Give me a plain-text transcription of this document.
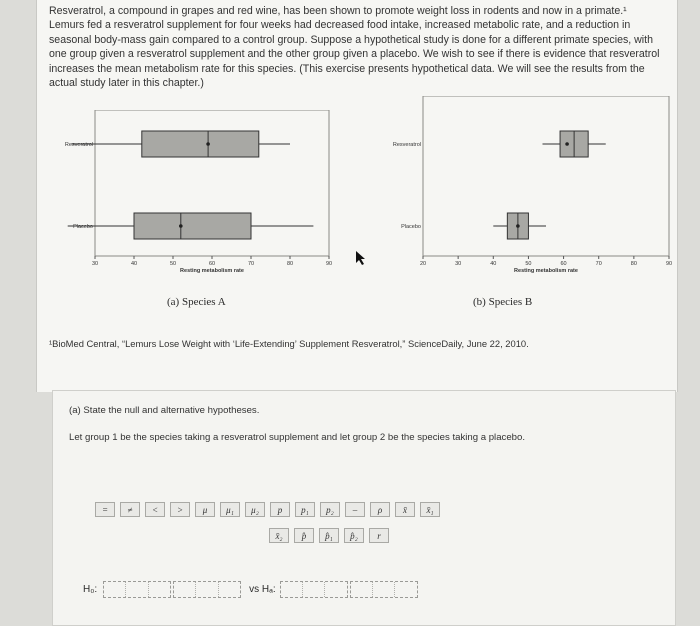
Resveratrol, a compound in grapes and red wine, has been shown to promote weight loss in rodents and now in a primate.¹ Lemurs fed a resveratrol supplement for four weeks had decreased food intake, increased metabolic rate, and a reduction in seasonal body-mass gain compared to a control group. Suppose a hypothetical study is done for a different primate species, with one group given a resveratrol supplement and the other group given a placebo. We wish to see if there is evidence that resveratrol increases the mean metabolism rate for this species. (This exercise presents hypothetical data. We will see the results from the actual study later in this chapter.)
Resveratrol
Placebo
30	40	50	60	70	80	90
Resting metabolism rate
Resveratrol
Placebo
20	30	40	50	60	70	80	90
Resting metabolism rate
(a) Species A	(b) Species B
¹BioMed Central, “Lemurs Lose Weight with ‘Life-Extending’ Supplement Resveratrol,” ScienceDaily, June 22, 2010.
(a) State the null and alternative hypotheses.
Let group 1 be the species taking a resveratrol supplement and let group 2 be the species taking a placebo.
=	≠	<	>	μ	μ₁	μ₂	p	p₁	p₂	–	ρ	x̄	x̄₁
x̄₂	p̂	p̂₁	p̂₂	r
H₀:	vs Hₐ:
